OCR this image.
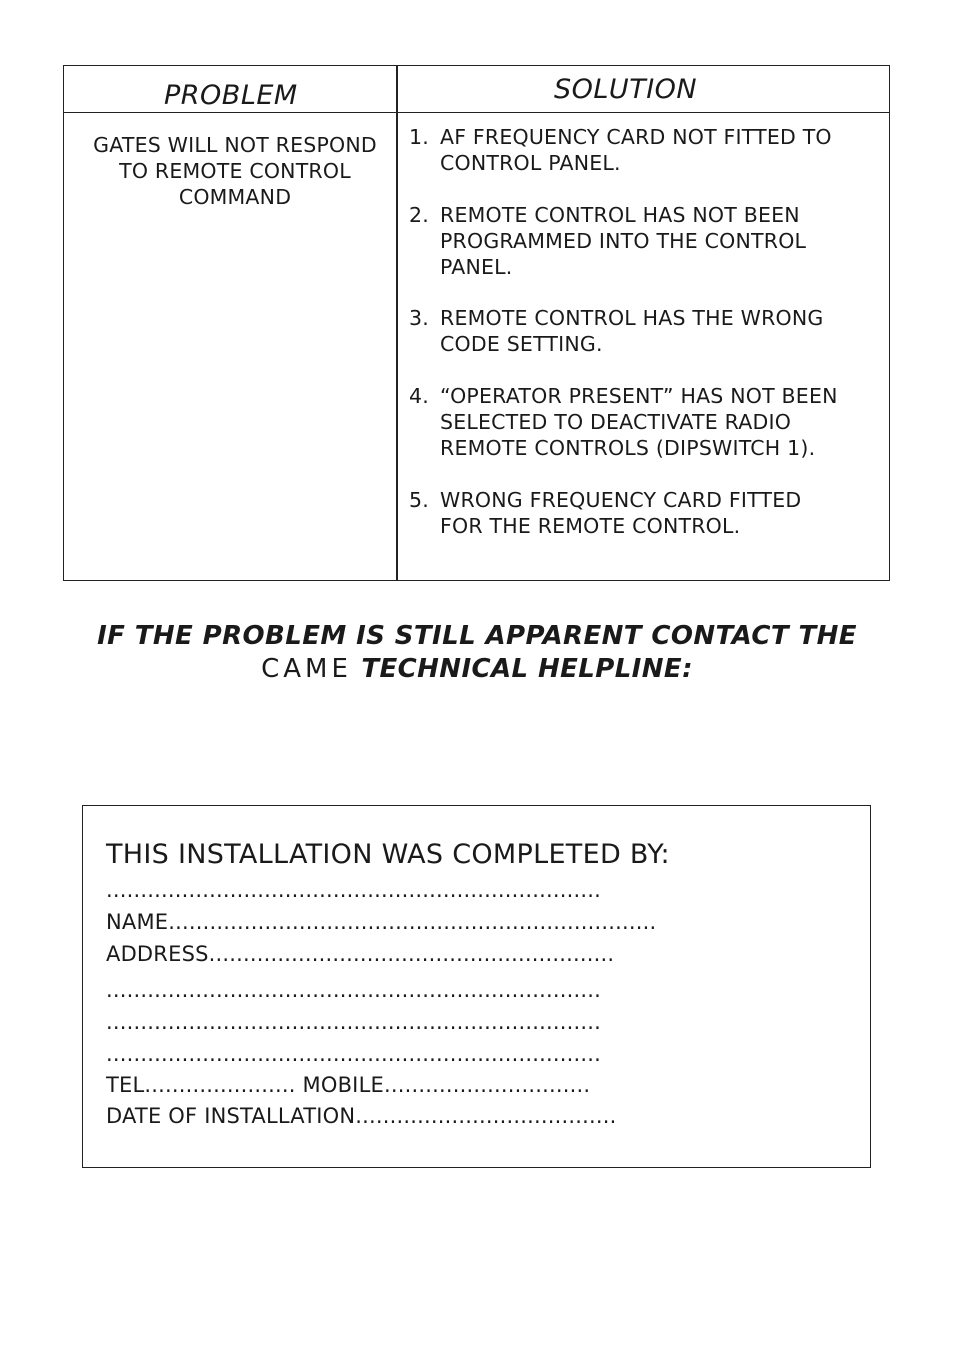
PROBLEM	SOLUTION
GATES WILL NOT RESPOND
TO REMOTE CONTROL
COMMAND
1. AF FREQUENCY CARD NOT FITTED TO
CONTROL PANEL.
2. REMOTE CONTROL HAS NOT BEEN
PROGRAMMED INTO THE CONTROL
PANEL.
3. REMOTE CONTROL HAS THE WRONG
CODE SETTING.
4. “OPERATOR PRESENT” HAS NOT BEEN
SELECTED TO DEACTIVATE RADIO
REMOTE CONTROLS (DIPSWITCH 1).
5. WRONG FREQUENCY CARD FITTED
FOR THE REMOTE CONTROL.
IF THE PROBLEM IS STILL APPARENT CONTACT THE
CAME TECHNICAL HELPLINE:
THIS INSTALLATION WAS COMPLETED BY:
........................................................................
NAME.......................................................................
ADDRESS...........................................................
........................................................................
........................................................................
........................................................................
TEL...................... MOBILE..............................
DATE OF INSTALLATION......................................
